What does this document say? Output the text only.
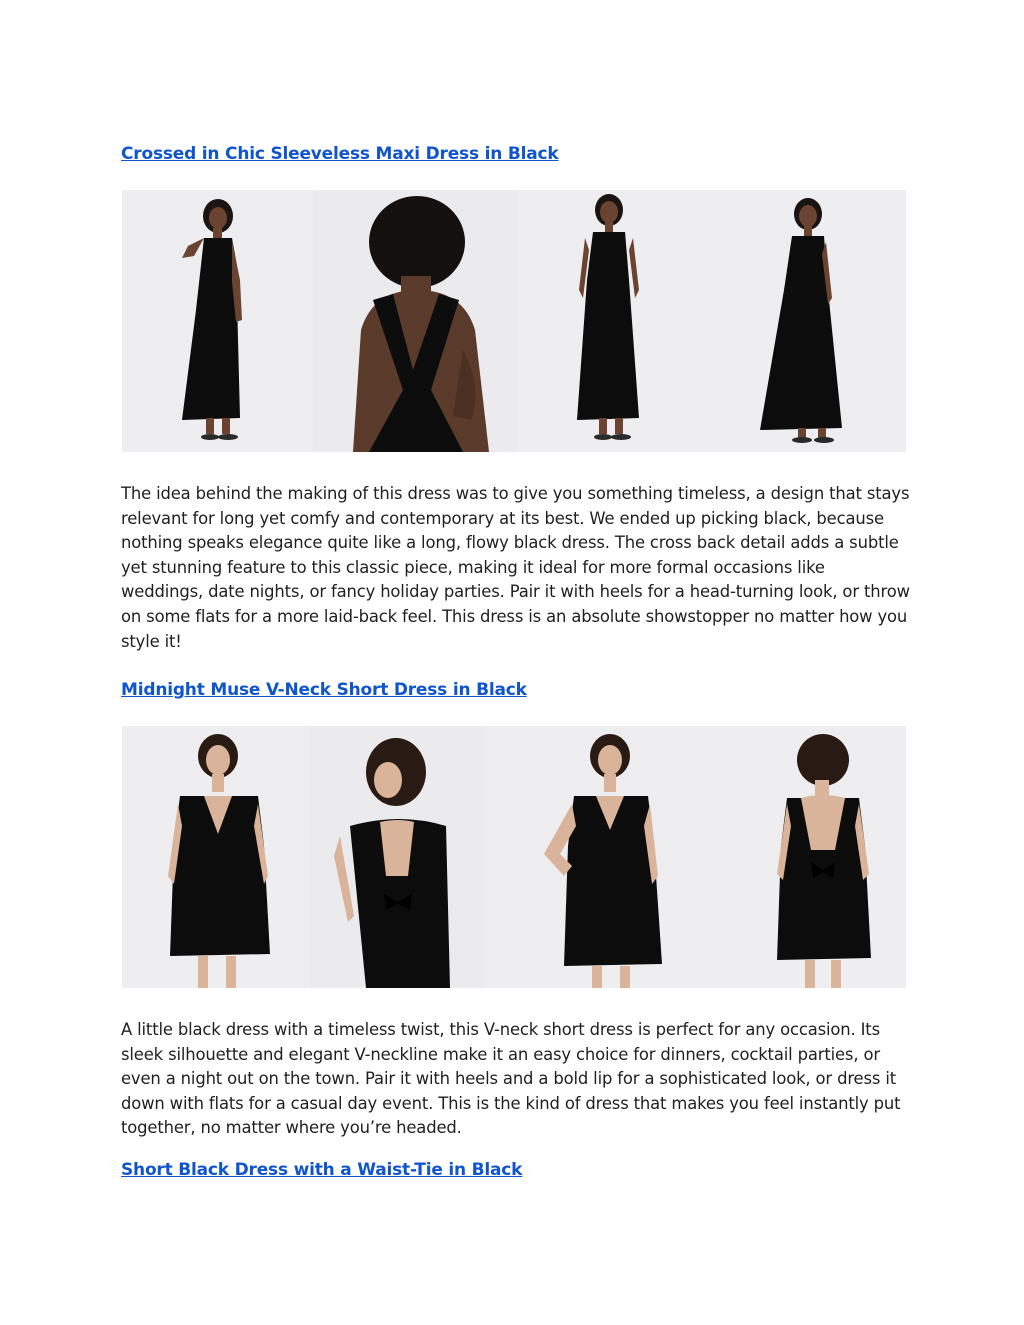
Crossed in Chic Sleeveless Maxi Dress in Black

The idea behind the making of this dress was to give you something timeless, a design that stays relevant for long yet comfy and contemporary at its best. We ended up picking black, because nothing speaks elegance quite like a long, flowy black dress. The cross back detail adds a subtle yet stunning feature to this classic piece, making it ideal for more formal occasions like weddings, date nights, or fancy holiday parties. Pair it with heels for a head-turning look, or throw on some flats for a more laid-back feel. This dress is an absolute showstopper no matter how you style it!

Midnight Muse V-Neck Short Dress in Black

A little black dress with a timeless twist, this V-neck short dress is perfect for any occasion. Its sleek silhouette and elegant V-neckline make it an easy choice for dinners, cocktail parties, or even a night out on the town. Pair it with heels and a bold lip for a sophisticated look, or dress it down with flats for a casual day event. This is the kind of dress that makes you feel instantly put together, no matter where you’re headed.

Short Black Dress with a Waist-Tie in Black
